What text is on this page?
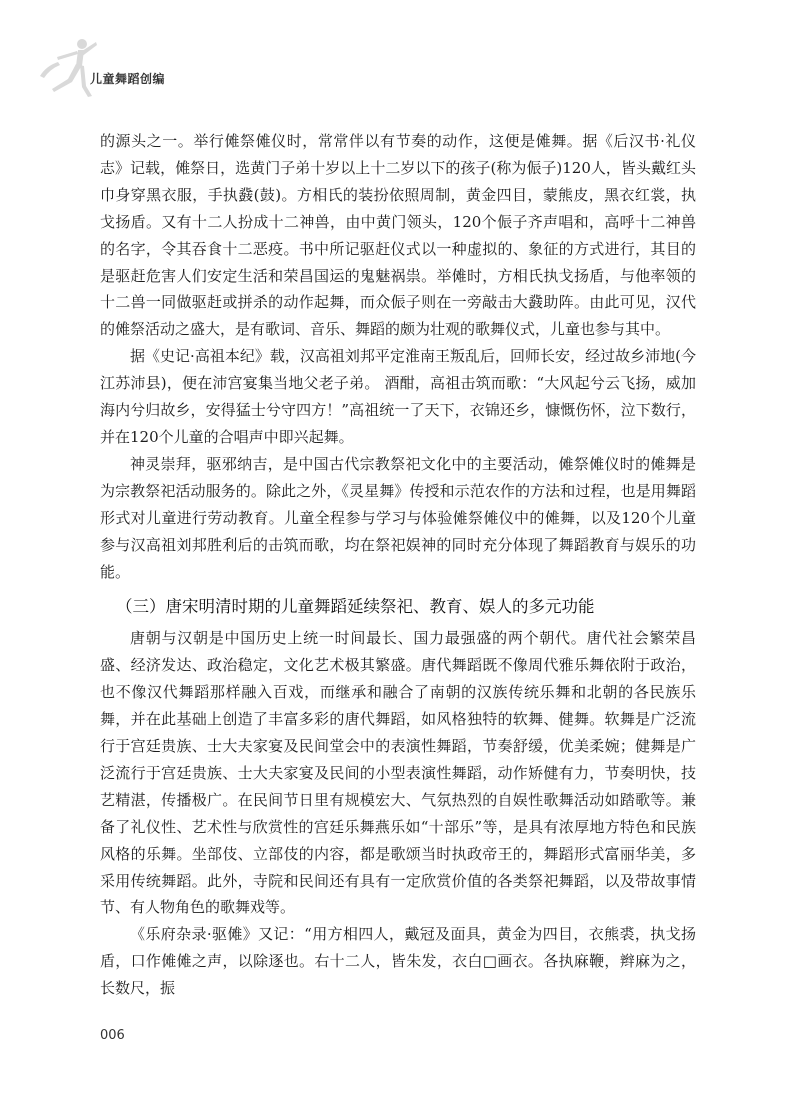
儿童舞蹈创编

的源头之一。举行傩祭傩仪时，常常伴以有节奏的动作，这便是傩舞。据《后汉书·礼仪志》记载，傩祭日，选黄门子弟十岁以上十二岁以下的孩子(称为侲子)120人，皆头戴红头巾身穿黑衣服，手执鼗(鼓)。方相氏的装扮依照周制，黄金四目，蒙熊皮，黑衣红裳，执戈扬盾。又有十二人扮成十二神兽，由中黄门领头，120个侲子齐声唱和，高呼十二神兽的名字，令其吞食十二恶疫。书中所记驱赶仪式以一种虚拟的、象征的方式进行，其目的是驱赶危害人们安定生活和荣昌国运的鬼魅祸祟。举傩时，方相氏执戈扬盾，与他率领的十二兽一同做驱赶或拼杀的动作起舞，而众侲子则在一旁敲击大鼗助阵。由此可见，汉代的傩祭活动之盛大，是有歌词、音乐、舞蹈的颇为壮观的歌舞仪式，儿童也参与其中。

据《史记·高祖本纪》载，汉高祖刘邦平定淮南王叛乱后，回师长安，经过故乡沛地(今江苏沛县)，便在沛宫宴集当地父老子弟。 酒酣，高祖击筑而歌：“大风起兮云飞扬，威加海内兮归故乡，安得猛士兮守四方！”高祖统一了天下，衣锦还乡，慷慨伤怀，泣下数行，并在120个儿童的合唱声中即兴起舞。

神灵崇拜，驱邪纳吉，是中国古代宗教祭祀文化中的主要活动，傩祭傩仪时的傩舞是为宗教祭祀活动服务的。除此之外，《灵星舞》传授和示范农作的方法和过程，也是用舞蹈形式对儿童进行劳动教育。儿童全程参与学习与体验傩祭傩仪中的傩舞，以及120个儿童参与汉高祖刘邦胜利后的击筑而歌，均在祭祀娱神的同时充分体现了舞蹈教育与娱乐的功能。

（三）唐宋明清时期的儿童舞蹈延续祭祀、教育、娱人的多元功能

唐朝与汉朝是中国历史上统一时间最长、国力最强盛的两个朝代。唐代社会繁荣昌盛、经济发达、政治稳定，文化艺术极其繁盛。唐代舞蹈既不像周代雅乐舞依附于政治，也不像汉代舞蹈那样融入百戏，而继承和融合了南朝的汉族传统乐舞和北朝的各民族乐舞，并在此基础上创造了丰富多彩的唐代舞蹈，如风格独特的软舞、健舞。软舞是广泛流行于宫廷贵族、士大夫家宴及民间堂会中的表演性舞蹈，节奏舒缓，优美柔婉；健舞是广泛流行于宫廷贵族、士大夫家宴及民间的小型表演性舞蹈，动作矫健有力，节奏明快，技艺精湛，传播极广。在民间节日里有规模宏大、气氛热烈的自娱性歌舞活动如踏歌等。兼备了礼仪性、艺术性与欣赏性的宫廷乐舞燕乐如“十部乐”等，是具有浓厚地方特色和民族风格的乐舞。坐部伎、立部伎的内容，都是歌颂当时执政帝王的，舞蹈形式富丽华美，多采用传统舞蹈。此外，寺院和民间还有具有一定欣赏价值的各类祭祀舞蹈，以及带故事情节、有人物角色的歌舞戏等。

《乐府杂录·驱傩》又记：“用方相四人，戴冠及面具，黄金为四目，衣熊裘，执戈扬盾，口作傩傩之声，以除逐也。右十二人，皆朱发，衣白□画衣。各执麻鞭，辫麻为之，长数尺，振

006
